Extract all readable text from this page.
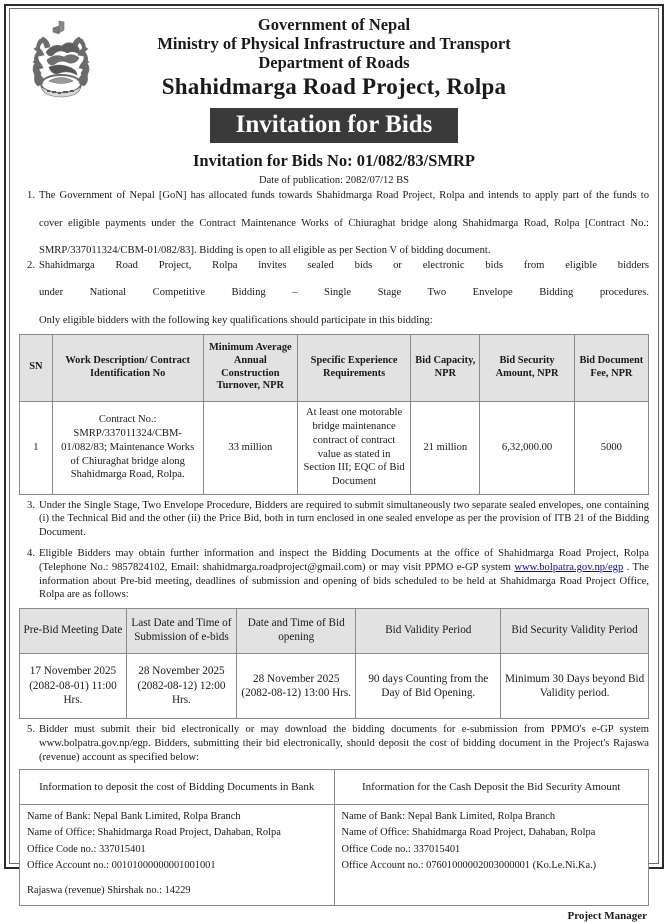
Government of Nepal
Ministry of Physical Infrastructure and Transport
Department of Roads
Shahidmarga Road Project, Rolpa
Invitation for Bids
Invitation for Bids No: 01/082/83/SMRP
Date of publication: 2082/07/12 BS
1. The Government of Nepal [GoN] has allocated funds towards Shahidmarga Road Project, Rolpa and intends to apply part of the funds to
cover eligible payments under the Contract Maintenance Works of Chiuraghat bridge along Shahidmarga Road, Rolpa [Contract No.:
SMRP/337011324/CBM-01/082/83]. Bidding is open to all eligible as per Section V of bidding document.
2. Shahidmarga Road Project, Rolpa invites sealed bids or electronic bids from eligible bidders
under National Competitive Bidding – Single Stage Two Envelope Bidding procedures.
Only eligible bidders with the following key qualifications should participate in this bidding:
SN	Work Description/ Contract Identification No	Minimum Average Annual Construction Turnover, NPR	Specific Experience Requirements	Bid Capacity, NPR	Bid Security Amount, NPR	Bid Document Fee, NPR
1	Contract No.: SMRP/337011324/CBM-01/082/83; Maintenance Works of Chiuraghat bridge along Shahidmarga Road, Rolpa.	33 million	At least one motorable bridge maintenance contract of contract value as stated in Section III; EQC of Bid Document	21 million	6,32,000.00	5000
3. Under the Single Stage, Two Envelope Procedure, Bidders are required to submit simultaneously two separate sealed envelopes, one containing (i) the Technical Bid and the other (ii) the Price Bid, both in turn enclosed in one sealed envelope as per the provision of ITB 21 of the Bidding Document.
4. Eligible Bidders may obtain further information and inspect the Bidding Documents at the office of Shahidmarga Road Project, Rolpa (Telephone No.: 9857824102, Email: shahidmarga.roadproject@gmail.com) or may visit PPMO e-GP system www.bolpatra.gov.np/egp . The information about Pre-bid meeting, deadlines of submission and opening of bids scheduled to be held at Shahidmarga Road Project Office, Rolpa are as follows:
Pre-Bid Meeting Date	Last Date and Time of Submission of e-bids	Date and Time of Bid opening	Bid Validity Period	Bid Security Validity Period
17 November 2025 (2082-08-01) 11:00 Hrs.	28 November 2025 (2082-08-12) 12:00 Hrs.	28 November 2025 (2082-08-12) 13:00 Hrs.	90 days Counting from the Day of Bid Opening.	Minimum 30 Days beyond Bid Validity period.
5. Bidder must submit their bid electronically or may download the bidding documents for e-submission from PPMO's e-GP system www.bolpatra.gov.np/egp. Bidders, submitting their bid electronically, should deposit the cost of bidding document in the Project's Rajaswa (revenue) account as specified below:
Information to deposit the cost of Bidding Documents in Bank	Information for the Cash Deposit the Bid Security Amount

Name of Bank: Nepal Bank Limited, Rolpa Branch
Name of Office: Shahidmarga Road Project, Dahaban, Rolpa
Office Code no.: 337015401
Office Account no.: 00101000000001001001
Rajaswa (revenue) Shirshak no.: 14229

Name of Bank: Nepal Bank Limited, Rolpa Branch
Name of Office: Shahidmarga Road Project, Dahaban, Rolpa
Office Code no.: 337015401
Office Account no.: 07601000002003000001 (Ko.Le.Ni.Ka.)
Project Manager
